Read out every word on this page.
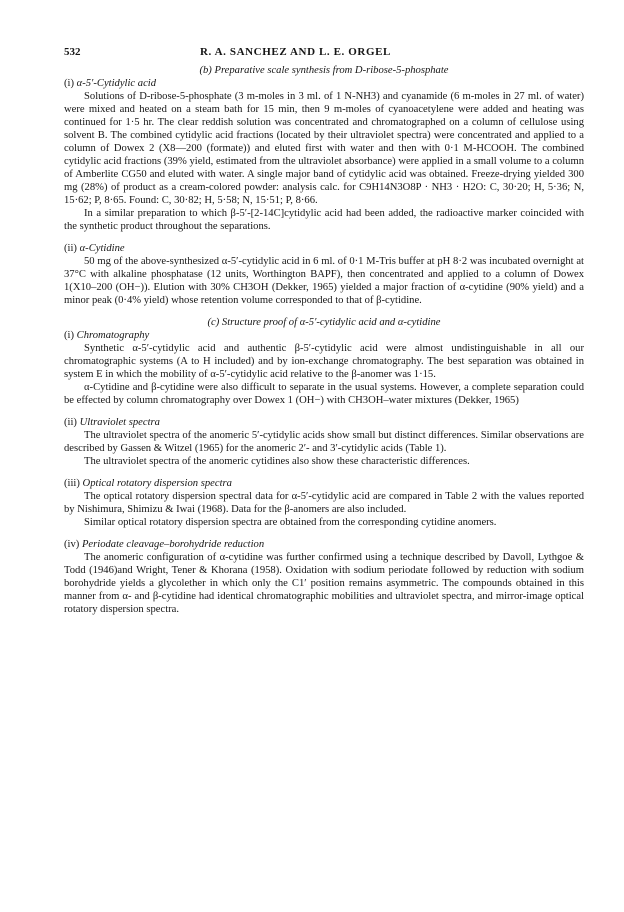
532	R. A. SANCHEZ AND L. E. ORGEL

(b) Preparative scale synthesis from D-ribose-5-phosphate

(i) α-5′-Cytidylic acid

Solutions of D-ribose-5-phosphate (3 m-moles in 3 ml. of 1 N-NH3) and cyanamide (6 m-moles in 27 ml. of water) were mixed and heated on a steam bath for 15 min, then 9 m-moles of cyanoacetylene were added and heating was continued for 1·5 hr. The clear reddish solution was concentrated and chromatographed on a column of cellulose using solvent B. The combined cytidylic acid fractions (located by their ultraviolet spectra) were concentrated and applied to a column of Dowex 2 (X8—200 (formate)) and eluted first with water and then with 0·1 M-HCOOH. The combined cytidylic acid fractions (39% yield, estimated from the ultraviolet absorbance) were applied in a small volume to a column of Amberlite CG50 and eluted with water. A single major band of cytidylic acid was obtained. Freeze-drying yielded 300 mg (28%) of product as a cream-colored powder: analysis calc. for C9H14N3O8P · NH3 · H2O: C, 30·20; H, 5·36; N, 15·62; P, 8·65. Found: C, 30·82; H, 5·58; N, 15·51; P, 8·66.

In a similar preparation to which β-5′-[2-14C]cytidylic acid had been added, the radioactive marker coincided with the synthetic product throughout the separations.

(ii) α-Cytidine

50 mg of the above-synthesized α-5′-cytidylic acid in 6 ml. of 0·1 M-Tris buffer at pH 8·2 was incubated overnight at 37°C with alkaline phosphatase (12 units, Worthington BAPF), then concentrated and applied to a column of Dowex 1(X10–200 (OH−)). Elution with 30% CH3OH (Dekker, 1965) yielded a major fraction of α-cytidine (90% yield) and a minor peak (0·4% yield) whose retention volume corresponded to that of β-cytidine.

(c) Structure proof of α-5′-cytidylic acid and α-cytidine

(i) Chromatography

Synthetic α-5′-cytidylic acid and authentic β-5′-cytidylic acid were almost undistinguishable in all our chromatographic systems (A to H included) and by ion-exchange chromatography. The best separation was obtained in system E in which the mobility of α-5′-cytidylic acid relative to the β-anomer was 1·15.

α-Cytidine and β-cytidine were also difficult to separate in the usual systems. However, a complete separation could be effected by column chromatography over Dowex 1 (OH−) with CH3OH–water mixtures (Dekker, 1965)

(ii) Ultraviolet spectra

The ultraviolet spectra of the anomeric 5′-cytidylic acids show small but distinct differences. Similar observations are described by Gassen & Witzel (1965) for the anomeric 2′- and 3′-cytidylic acids (Table 1).

The ultraviolet spectra of the anomeric cytidines also show these characteristic differences.

(iii) Optical rotatory dispersion spectra

The optical rotatory dispersion spectral data for α-5′-cytidylic acid are compared in Table 2 with the values reported by Nishimura, Shimizu & Iwai (1968). Data for the β-anomers are also included.

Similar optical rotatory dispersion spectra are obtained from the corresponding cytidine anomers.

(iv) Periodate cleavage–borohydride reduction

The anomeric configuration of α-cytidine was further confirmed using a technique described by Davoll, Lythgoe & Todd (1946)and Wright, Tener & Khorana (1958). Oxidation with sodium periodate followed by reduction with sodium borohydride yields a glycolether in which only the C1′ position remains asymmetric. The compounds obtained in this manner from α- and β-cytidine had identical chromatographic mobilities and ultraviolet spectra, and mirror-image optical rotatory dispersion spectra.
